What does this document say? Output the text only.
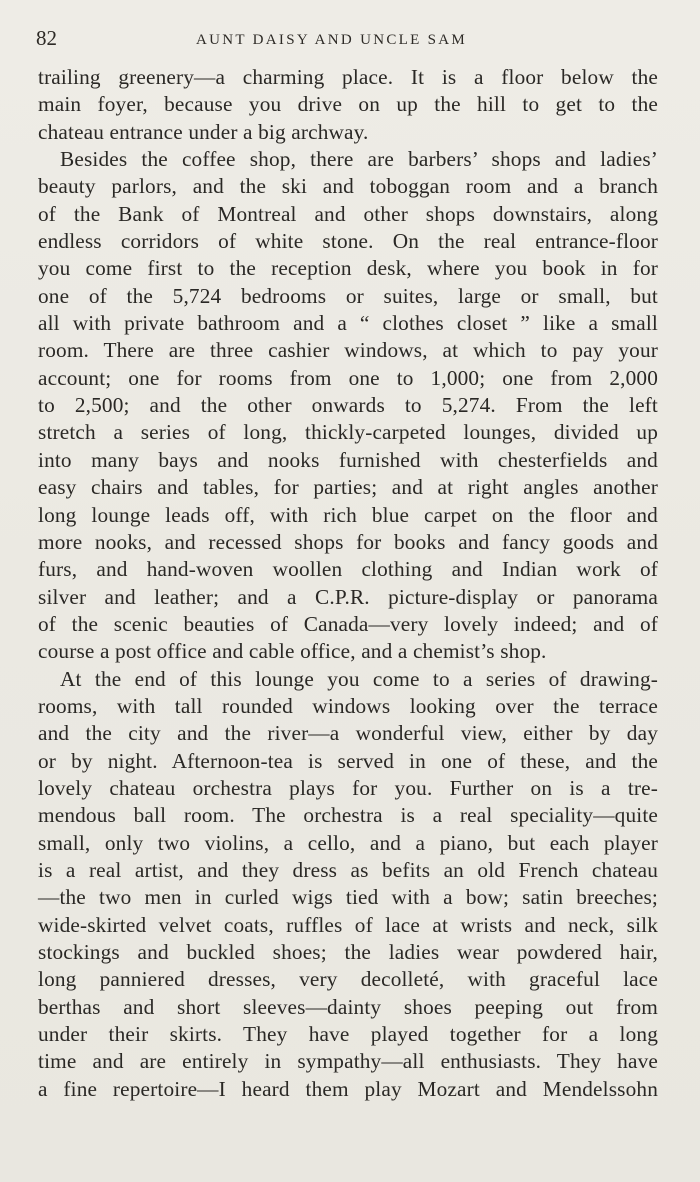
82	AUNT DAISY AND UNCLE SAM
trailing greenery—a charming place. It is a floor below the
main foyer, because you drive on up the hill to get to the
chateau entrance under a big archway.
Besides the coffee shop, there are barbers’ shops and ladies’
beauty parlors, and the ski and toboggan room and a branch
of the Bank of Montreal and other shops downstairs, along
endless corridors of white stone. On the real entrance-floor
you come first to the reception desk, where you book in for
one of the 5,724 bedrooms or suites, large or small, but
all with private bathroom and a “ clothes closet ” like a small
room. There are three cashier windows, at which to pay your
account; one for rooms from one to 1,000; one from 2,000
to 2,500; and the other onwards to 5,274. From the left
stretch a series of long, thickly-carpeted lounges, divided up
into many bays and nooks furnished with chesterfields and
easy chairs and tables, for parties; and at right angles another
long lounge leads off, with rich blue carpet on the floor and
more nooks, and recessed shops for books and fancy goods and
furs, and hand-woven woollen clothing and Indian work of
silver and leather; and a C.P.R. picture-display or panorama
of the scenic beauties of Canada—very lovely indeed; and of
course a post office and cable office, and a chemist’s shop.
At the end of this lounge you come to a series of drawing-
rooms, with tall rounded windows looking over the terrace
and the city and the river—a wonderful view, either by day
or by night. Afternoon-tea is served in one of these, and the
lovely chateau orchestra plays for you. Further on is a tre-
mendous ball room. The orchestra is a real speciality—quite
small, only two violins, a cello, and a piano, but each player
is a real artist, and they dress as befits an old French chateau
—the two men in curled wigs tied with a bow; satin breeches;
wide-skirted velvet coats, ruffles of lace at wrists and neck, silk
stockings and buckled shoes; the ladies wear powdered hair,
long panniered dresses, very decolleté, with graceful lace
berthas and short sleeves—dainty shoes peeping out from
under their skirts. They have played together for a long
time and are entirely in sympathy—all enthusiasts. They have
a fine repertoire—I heard them play Mozart and Mendelssohn
